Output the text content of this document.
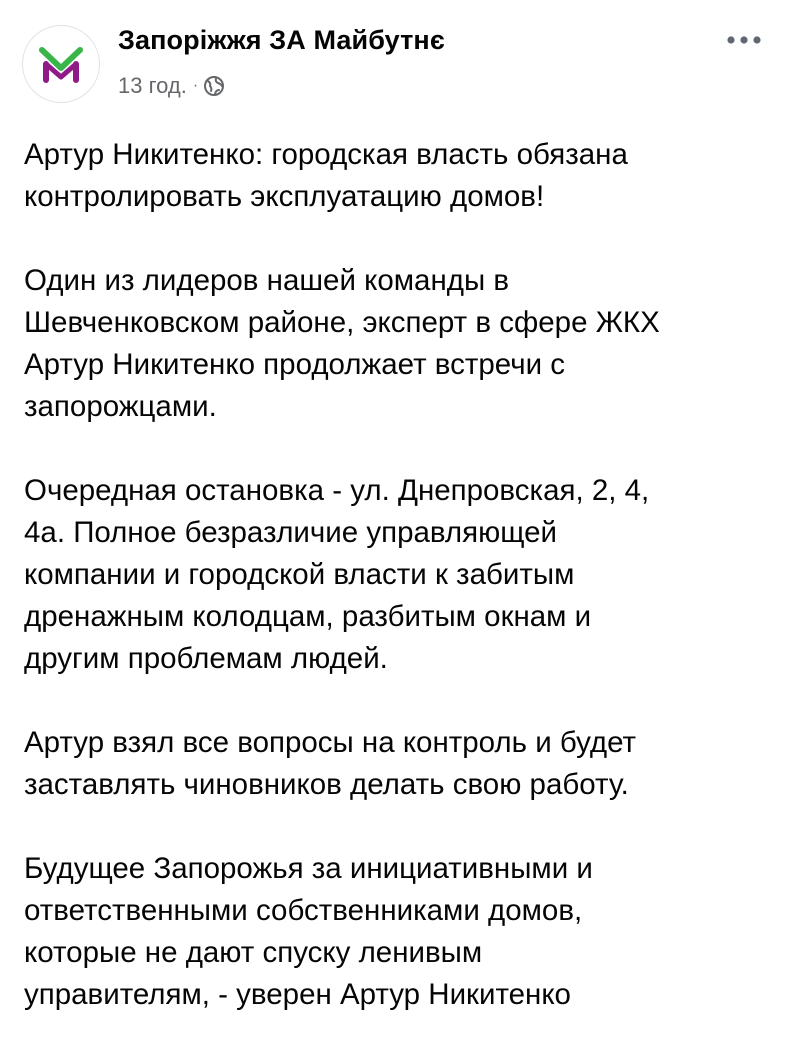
Запоріжжя ЗА Майбутнє
13 год. ·

Артур Никитенко: городская власть обязана
контролировать эксплуатацию домов!

Один из лидеров нашей команды в
Шевченковском районе, эксперт в сфере ЖКХ
Артур Никитенко продолжает встречи с
запорожцами.

Очередная остановка - ул. Днепровская, 2, 4,
4а. Полное безразличие управляющей
компании и городской власти к забитым
дренажным колодцам, разбитым окнам и
другим проблемам людей.

Артур взял все вопросы на контроль и будет
заставлять чиновников делать свою работу.

Будущее Запорожья за инициативными и
ответственными собственниками домов,
которые не дают спуску ленивым
управителям, - уверен Артур Никитенко
